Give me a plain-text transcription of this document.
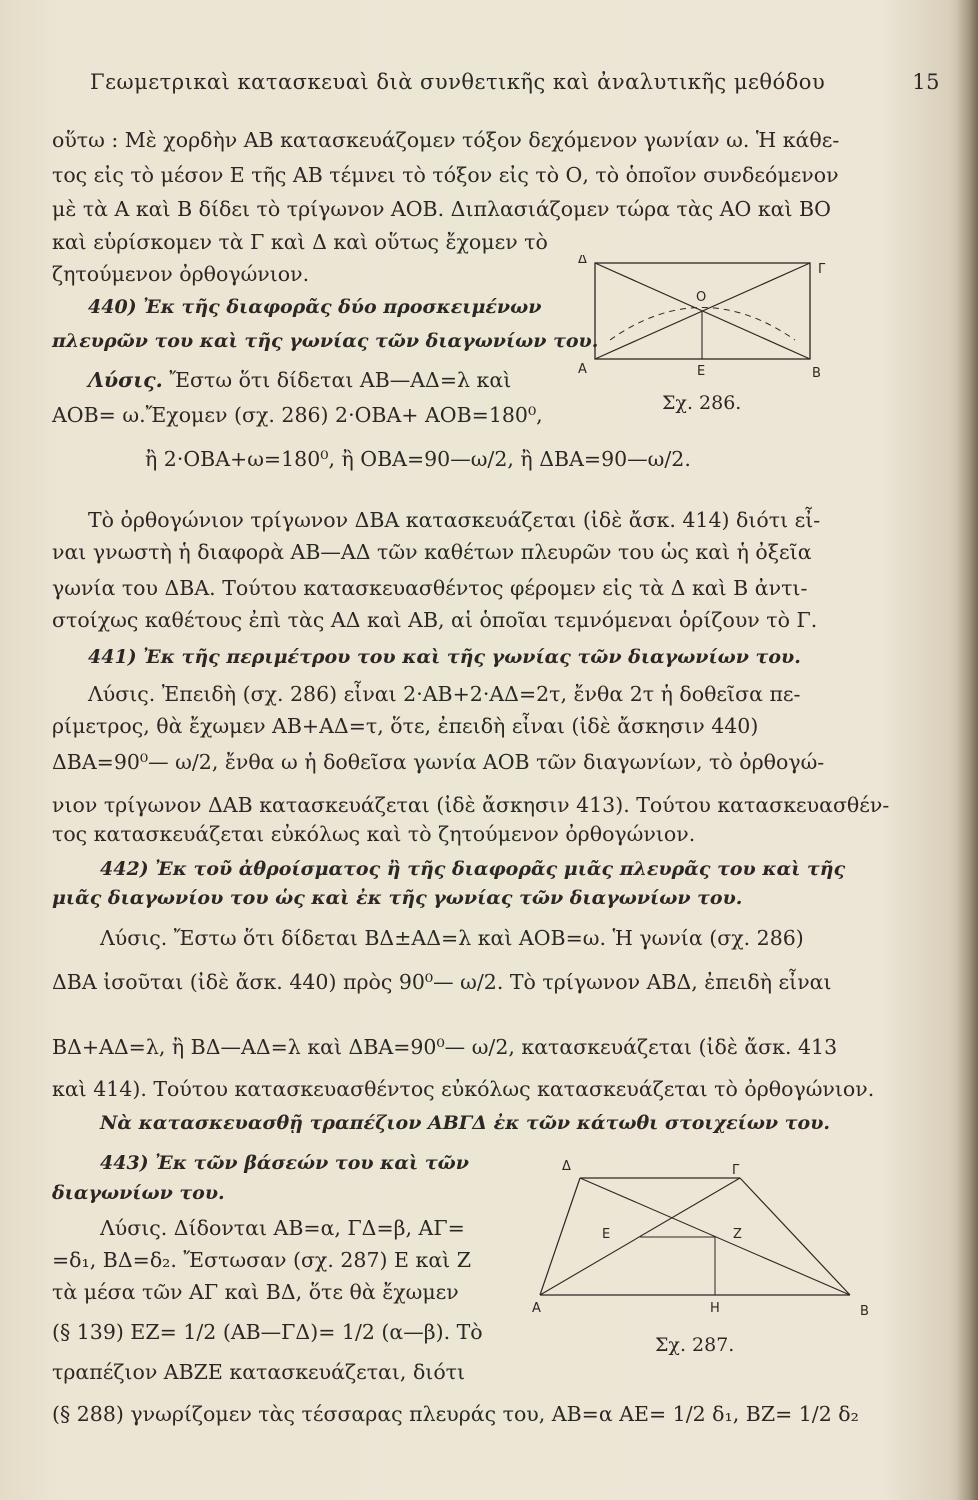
Γεωμετρικαὶ κατασκευαὶ διὰ συνθετικῆς καὶ ἀναλυτικῆς μεθόδου	15
οὕτω : Μὲ χορδὴν ΑΒ κατασκευάζομεν τόξον δεχόμενον γωνίαν ω. Ἡ κάθε-
τος εἰς τὸ μέσον Ε τῆς ΑΒ τέμνει τὸ τόξον εἰς τὸ Ο, τὸ ὁποῖον συνδεόμενον
μὲ τὰ Α καὶ Β δίδει τὸ τρίγωνον ΑΟΒ. Διπλασιάζομεν τώρα τὰς ΑΟ καὶ ΒΟ
καὶ εὑρίσκομεν τὰ Γ καὶ Δ καὶ οὕτως ἔχομεν τὸ
ζητούμενον ὀρθογώνιον.
440) Ἐκ τῆς διαφορᾶς δύο προσκειμένων
πλευρῶν του καὶ τῆς γωνίας τῶν διαγωνίων του.
Λύσις. Ἔστω ὅτι δίδεται ΑΒ—ΑΔ=λ καὶ
ΑΟΒ= ω.Ἔχομεν (σχ. 286) 2·ΟΒΑ+ ΑΟΒ=180⁰,
ἢ 2·ΟΒΑ+ω=180⁰, ἢ ΟΒΑ=90—ω/2, ἢ ΔΒΑ=90—ω/2.
Τὸ ὀρθογώνιον τρίγωνον ΔΒΑ κατασκευάζεται (ἰδὲ ἄσκ. 414) διότι εἶ-
ναι γνωστὴ ἡ διαφορὰ ΑΒ—ΑΔ τῶν καθέτων πλευρῶν του ὡς καὶ ἡ ὀξεῖα
γωνία του ΔΒΑ. Τούτου κατασκευασθέντος φέρομεν εἰς τὰ Δ καὶ Β ἀντι-
στοίχως καθέτους ἐπὶ τὰς ΑΔ καὶ ΑΒ, αἱ ὁποῖαι τεμνόμεναι ὁρίζουν τὸ Γ.
441) Ἐκ τῆς περιμέτρου του καὶ τῆς γωνίας τῶν διαγωνίων του.
Λύσις. Ἐπειδὴ (σχ. 286) εἶναι 2·ΑΒ+2·ΑΔ=2τ, ἔνθα 2τ ἡ δοθεῖσα πε-
ρίμετρος, θὰ ἔχωμεν ΑΒ+ΑΔ=τ, ὅτε, ἐπειδὴ εἶναι (ἰδὲ ἄσκησιν 440)
ΔΒΑ=90⁰— ω/2, ἔνθα ω ἡ δοθεῖσα γωνία ΑΟΒ τῶν διαγωνίων, τὸ ὀρθογώ-
νιον τρίγωνον ΔΑΒ κατασκευάζεται (ἰδὲ ἄσκησιν 413). Τούτου κατασκευασθέν-
τος κατασκευάζεται εὐκόλως καὶ τὸ ζητούμενον ὀρθογώνιον.
442) Ἐκ τοῦ ἀθροίσματος ἢ τῆς διαφορᾶς μιᾶς πλευρᾶς του καὶ τῆς
μιᾶς διαγωνίου του ὡς καὶ ἐκ τῆς γωνίας τῶν διαγωνίων του.
Λύσις. Ἔστω ὅτι δίδεται ΒΔ±ΑΔ=λ καὶ ΑΟΒ=ω. Ἡ γωνία (σχ. 286)
ΔΒΑ ἰσοῦται (ἰδὲ ἄσκ. 440) πρὸς 90⁰— ω/2. Τὸ τρίγωνον ΑΒΔ, ἐπειδὴ εἶναι
ΒΔ+ΑΔ=λ, ἢ ΒΔ—ΑΔ=λ καὶ ΔΒΑ=90⁰— ω/2, κατασκευάζεται (ἰδὲ ἄσκ. 413
καὶ 414). Τούτου κατασκευασθέντος εὐκόλως κατασκευάζεται τὸ ὀρθογώνιον.
Νὰ κατασκευασθῇ τραπέζιον ΑΒΓΔ ἐκ τῶν κάτωθι στοιχείων του.
443) Ἐκ τῶν βάσεών του καὶ τῶν
διαγωνίων του.
Λύσις. Δίδονται ΑΒ=α, ΓΔ=β, ΑΓ=
=δ₁, ΒΔ=δ₂. Ἔστωσαν (σχ. 287) Ε καὶ Ζ
τὰ μέσα τῶν ΑΓ καὶ ΒΔ, ὅτε θὰ ἔχωμεν
(§ 139) ΕΖ= 1/2 (ΑΒ—ΓΔ)= 1/2 (α—β). Τὸ
τραπέζιον ΑΒΖΕ κατασκευάζεται, διότι
(§ 288) γνωρίζομεν τὰς τέσσαρας πλευράς του, ΑΒ=α ΑΕ= 1/2 δ₁, ΒΖ= 1/2 δ₂
Δ
Γ
Ο
Α	Ε	Β
Σχ. 286.
Δ	Γ
Ε	Ζ
Α	Η	Β
Σχ. 287.
